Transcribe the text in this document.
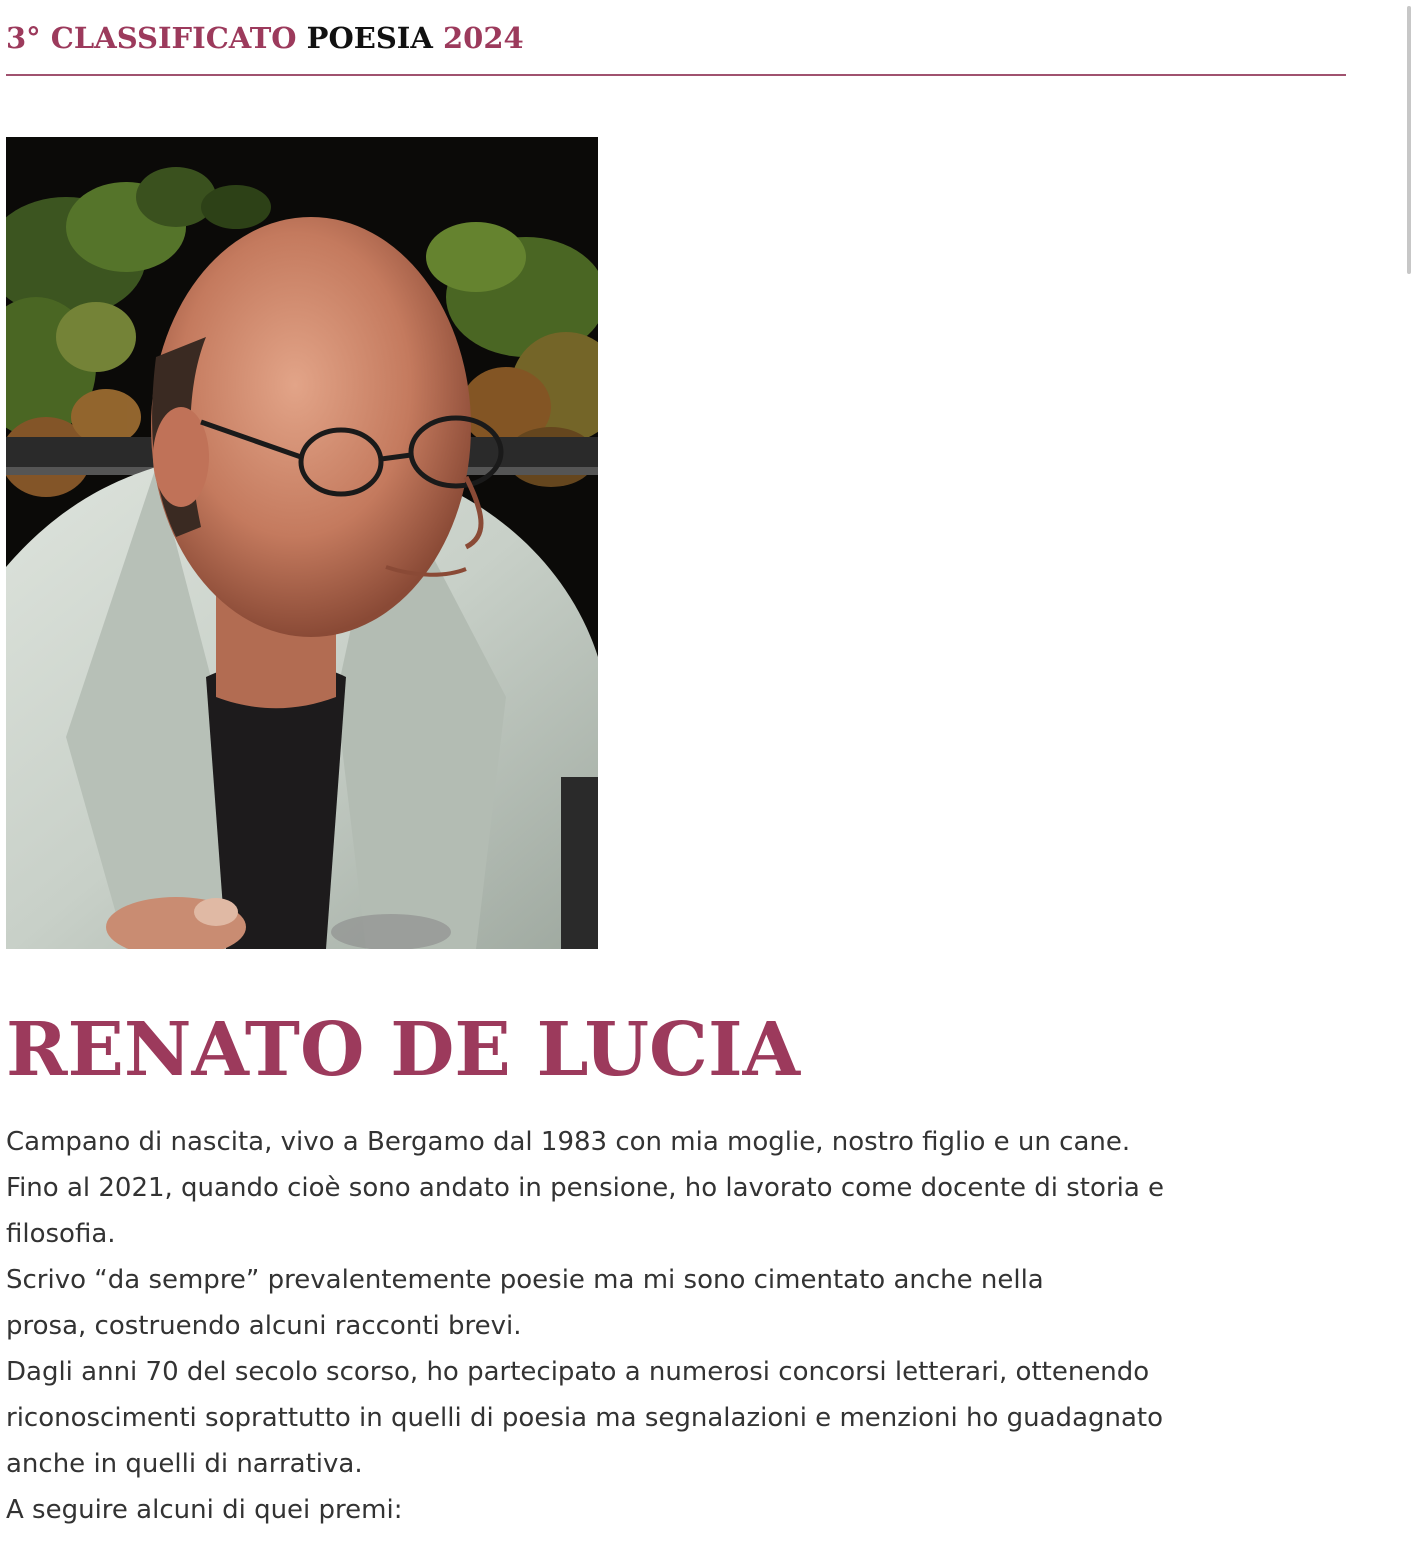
3° CLASSIFICATO POESIA 2024
RENATO DE LUCIA

Campano di nascita, vivo a Bergamo dal 1983 con mia moglie, nostro figlio e un cane.

Fino al 2021, quando cioè sono andato in pensione, ho lavorato come docente di storia e

filosofia.

Scrivo “da sempre” prevalentemente poesie ma mi sono cimentato anche nella

prosa, costruendo alcuni racconti brevi.

Dagli anni 70 del secolo scorso, ho partecipato a numerosi concorsi letterari, ottenendo

riconoscimenti soprattutto in quelli di poesia ma segnalazioni e menzioni ho guadagnato

anche in quelli di narrativa.

A seguire alcuni di quei premi:
